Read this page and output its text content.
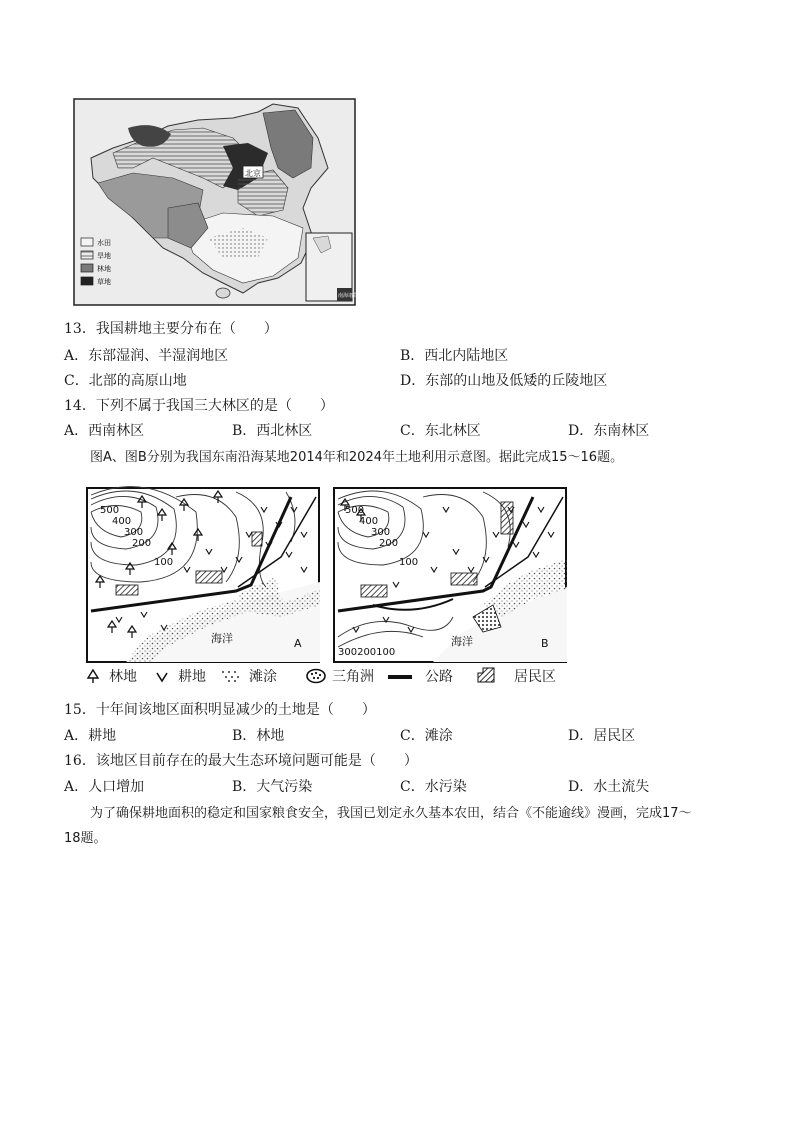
北京
南海诸岛
水田
旱地
林地
草地
13．我国耕地主要分布在（　　）
A．东部湿润、半湿润地区	B．西北内陆地区
C．北部的高原山地	D．东部的山地及低矮的丘陵地区
14．下列不属于我国三大林区的是（　　）
A．西南林区	B．西北林区	C．东北林区	D．东南林区
图A、图B分别为我国东南沿海某地2014年和2024年土地利用示意图。据此完成15～16题。
500
400
300
200
100
海洋	A
500
400
300
200
100
300200100
海洋	B
林地	耕地	滩涂	三角洲	公路	居民区
15．十年间该地区面积明显减少的土地是（　　）
A．耕地	B．林地	C．滩涂	D．居民区
16．该地区目前存在的最大生态环境问题可能是（　　）
A．人口增加	B．大气污染	C．水污染	D．水土流失
为了确保耕地面积的稳定和国家粮食安全，我国已划定永久基本农田，结合《不能逾线》漫画，完成17～
18题。
